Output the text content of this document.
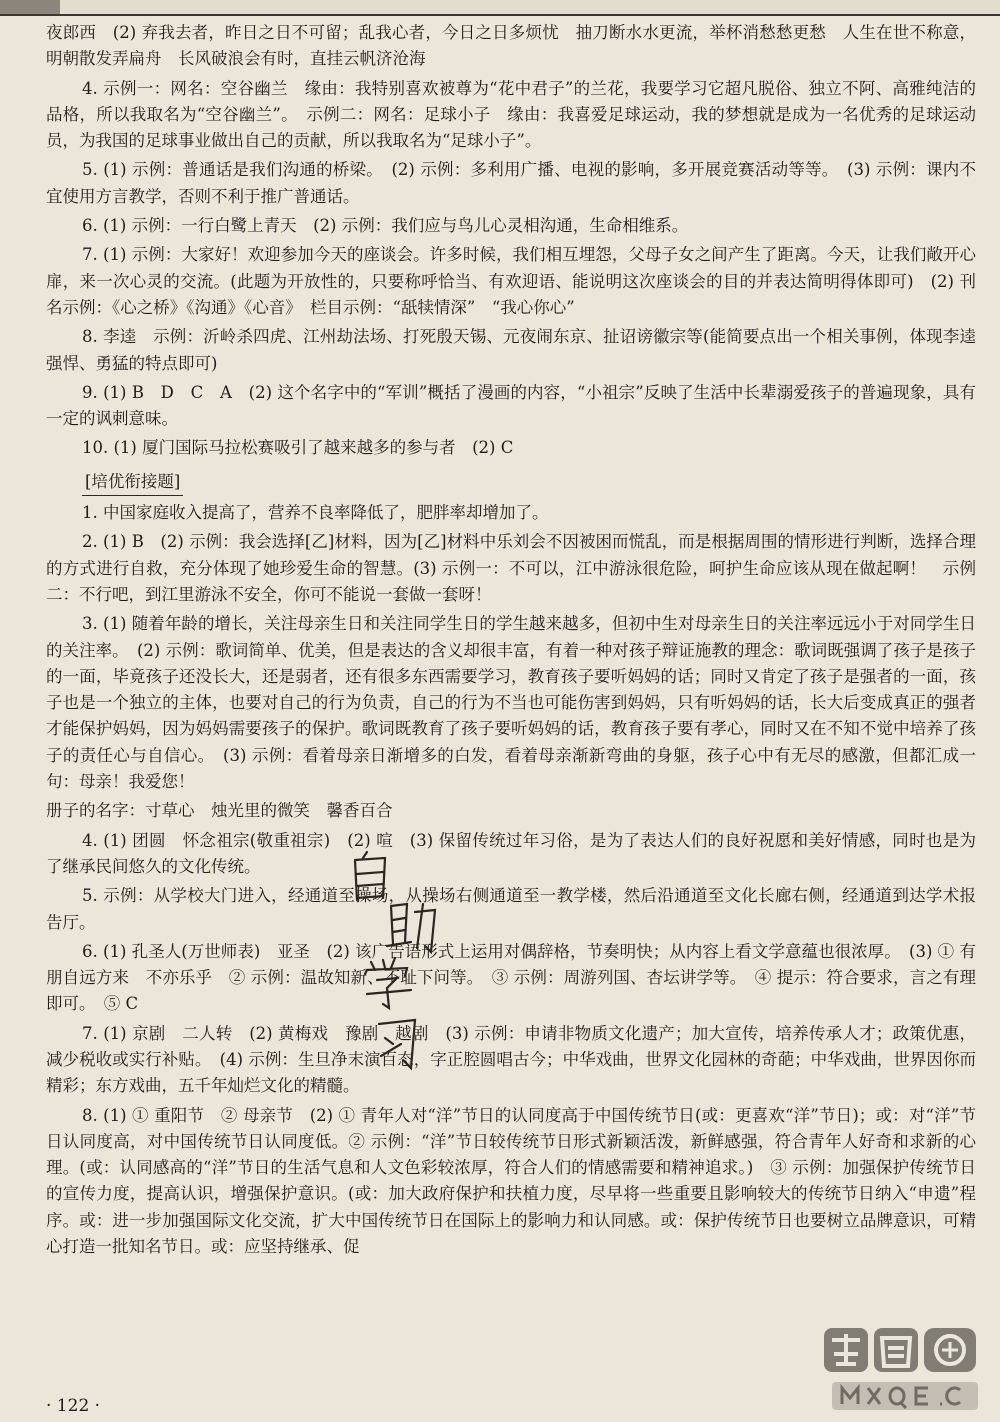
夜郎西　(2) 弃我去者，昨日之日不可留；乱我心者，今日之日多烦忧　抽刀断水水更流，举杯消愁愁更愁　人生在世不称意，明朝散发弄扁舟　长风破浪会有时，直挂云帆济沧海
4. 示例一：网名：空谷幽兰　缘由：我特别喜欢被尊为“花中君子”的兰花，我要学习它超凡脱俗、独立不阿、高雅纯洁的品格，所以我取名为“空谷幽兰”。　示例二：网名：足球小子　缘由：我喜爱足球运动，我的梦想就是成为一名优秀的足球运动员，为我国的足球事业做出自己的贡献，所以我取名为“足球小子”。
5. (1) 示例：普通话是我们沟通的桥梁。　(2) 示例：多利用广播、电视的影响，多开展竞赛活动等等。　(3) 示例：课内不宜使用方言教学，否则不利于推广普通话。
6. (1) 示例：一行白鹭上青天　(2) 示例：我们应与鸟儿心灵相沟通，生命相维系。
7. (1) 示例：大家好！欢迎参加今天的座谈会。许多时候，我们相互埋怨，父母子女之间产生了距离。今天，让我们敞开心扉，来一次心灵的交流。(此题为开放性的，只要称呼恰当、有欢迎语、能说明这次座谈会的目的并表达简明得体即可)　(2) 刊名示例：《心之桥》《沟通》《心音》　栏目示例：“舐犊情深”　“我心你心”
8. 李逵　示例：沂岭杀四虎、江州劫法场、打死殷天锡、元夜闹东京、扯诏谤徽宗等(能简要点出一个相关事例，体现李逵强悍、勇猛的特点即可)
9. (1) B　D　C　A　(2) 这个名字中的“军训”概括了漫画的内容，“小祖宗”反映了生活中长辈溺爱孩子的普遍现象，具有一定的讽刺意味。
10. (1) 厦门国际马拉松赛吸引了越来越多的参与者　(2) C
[培优衔接题]
1. 中国家庭收入提高了，营养不良率降低了，肥胖率却增加了。
2. (1) B　(2) 示例：我会选择[乙]材料，因为[乙]材料中乐刘会不因被困而慌乱，而是根据周围的情形进行判断，选择合理的方式进行自救，充分体现了她珍爱生命的智慧。(3) 示例一：不可以，江中游泳很危险，呵护生命应该从现在做起啊！　示例二：不行吧，到江里游泳不安全，你可不能说一套做一套呀！
3. (1) 随着年龄的增长，关注母亲生日和关注同学生日的学生越来越多，但初中生对母亲生日的关注率远远小于对同学生日的关注率。　(2) 示例：歌词简单、优美，但是表达的含义却很丰富，有着一种对孩子辩证施教的理念：歌词既强调了孩子是孩子的一面，毕竟孩子还没长大，还是弱者，还有很多东西需要学习，教育孩子要听妈妈的话；同时又肯定了孩子是强者的一面，孩子也是一个独立的主体，也要对自己的行为负责，自己的行为不当也可能伤害到妈妈，只有听妈妈的话，长大后变成真正的强者才能保护妈妈，因为妈妈需要孩子的保护。歌词既教育了孩子要听妈妈的话，教育孩子要有孝心，同时又在不知不觉中培养了孩子的责任心与自信心。　(3) 示例：看着母亲日渐增多的白发，看着母亲渐新弯曲的身躯，孩子心中有无尽的感激，但都汇成一句：母亲！我爱您！
册子的名字：寸草心　烛光里的微笑　馨香百合
4. (1) 团圆　怀念祖宗(敬重祖宗)　(2) 喧　(3) 保留传统过年习俗，是为了表达人们的良好祝愿和美好情感，同时也是为了继承民间悠久的文化传统。
5. 示例：从学校大门进入，经通道至操场，从操场右侧通道至一教学楼，然后沿通道至文化长廊右侧，经通道到达学术报告厅。
6. (1) 孔圣人(万世师表)　亚圣　(2) 该广告语形式上运用对偶辞格，节奏明快；从内容上看文学意蕴也很浓厚。　(3) ① 有朋自远方来　不亦乐乎　② 示例：温故知新、不耻下问等。　③ 示例：周游列国、杏坛讲学等。　④ 提示：符合要求，言之有理即可。　⑤ C
7. (1) 京剧　二人转　(2) 黄梅戏　豫剧　越剧　(3) 示例：申请非物质文化遗产；加大宣传，培养传承人才；政策优惠，减少税收或实行补贴。　(4) 示例：生旦净末演百态，字正腔圆唱古今；中华戏曲，世界文化园林的奇葩；中华戏曲，世界因你而精彩；东方戏曲，五千年灿烂文化的精髓。
8. (1) ① 重阳节　② 母亲节　(2) ① 青年人对“洋”节日的认同度高于中国传统节日(或：更喜欢“洋”节日)；或：对“洋”节日认同度高，对中国传统节日认同度低。② 示例：“洋”节日较传统节日形式新颖活泼，新鲜感强，符合青年人好奇和求新的心理。(或：认同感高的“洋”节日的生活气息和人文色彩较浓厚，符合人们的情感需要和精神追求。)　③ 示例：加强保护传统节日的宣传力度，提高认识，增强保护意识。(或：加大政府保护和扶植力度，尽早将一些重要且影响较大的传统节日纳入“申遗”程序。或：进一步加强国际文化交流，扩大中国传统节日在国际上的影响力和认同感。或：保护传统节日也要树立品牌意识，可精心打造一批知名节日。或：应坚持继承、促
· 122 ·
